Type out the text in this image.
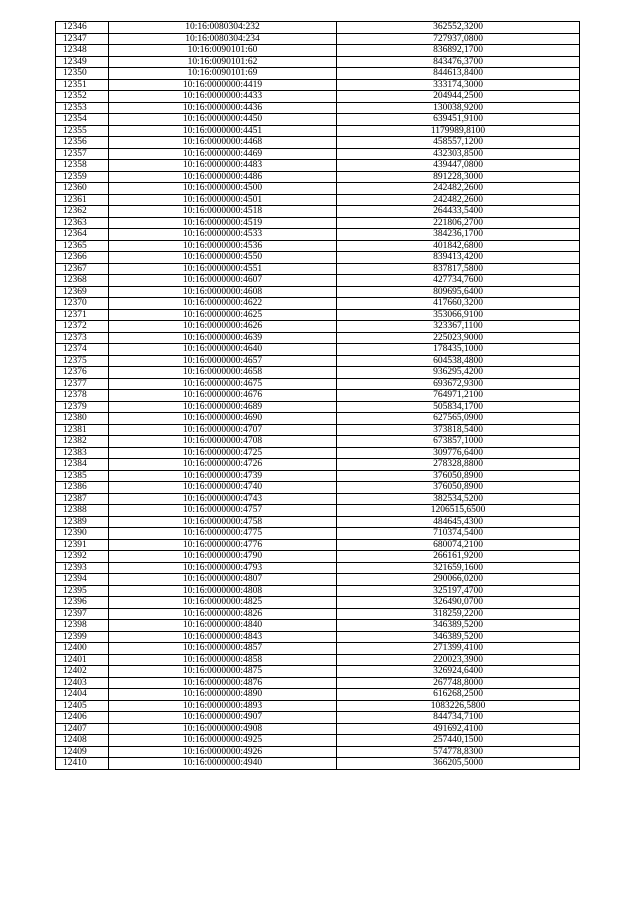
12346	10:16:0080304:232	362552,3200
12347	10:16:0080304:234	727937,0800
12348	10:16:0090101:60	836892,1700
12349	10:16:0090101:62	843476,3700
12350	10:16:0090101:69	844613,8400
12351	10:16:0000000:4419	333174,3000
12352	10:16:0000000:4433	204944,2500
12353	10:16:0000000:4436	130038,9200
12354	10:16:0000000:4450	639451,9100
12355	10:16:0000000:4451	1179989,8100
12356	10:16:0000000:4468	458557,1200
12357	10:16:0000000:4469	432303,8500
12358	10:16:0000000:4483	439447,0800
12359	10:16:0000000:4486	891228,3000
12360	10:16:0000000:4500	242482,2600
12361	10:16:0000000:4501	242482,2600
12362	10:16:0000000:4518	264433,5400
12363	10:16:0000000:4519	221806,2700
12364	10:16:0000000:4533	384236,1700
12365	10:16:0000000:4536	401842,6800
12366	10:16:0000000:4550	839413,4200
12367	10:16:0000000:4551	837817,5800
12368	10:16:0000000:4607	427734,7600
12369	10:16:0000000:4608	809695,6400
12370	10:16:0000000:4622	417660,3200
12371	10:16:0000000:4625	353066,9100
12372	10:16:0000000:4626	323367,1100
12373	10:16:0000000:4639	225023,9000
12374	10:16:0000000:4640	178435,1000
12375	10:16:0000000:4657	604538,4800
12376	10:16:0000000:4658	936295,4200
12377	10:16:0000000:4675	693672,9300
12378	10:16:0000000:4676	764971,2100
12379	10:16:0000000:4689	505834,1700
12380	10:16:0000000:4690	627565,0900
12381	10:16:0000000:4707	373818,5400
12382	10:16:0000000:4708	673857,1000
12383	10:16:0000000:4725	309776,6400
12384	10:16:0000000:4726	278328,8800
12385	10:16:0000000:4739	376050,8900
12386	10:16:0000000:4740	376050,8900
12387	10:16:0000000:4743	382534,5200
12388	10:16:0000000:4757	1206515,6500
12389	10:16:0000000:4758	484645,4300
12390	10:16:0000000:4775	710374,5400
12391	10:16:0000000:4776	680074,2100
12392	10:16:0000000:4790	266161,9200
12393	10:16:0000000:4793	321659,1600
12394	10:16:0000000:4807	290066,0200
12395	10:16:0000000:4808	325197,4700
12396	10:16:0000000:4825	326490,0700
12397	10:16:0000000:4826	318259,2200
12398	10:16:0000000:4840	346389,5200
12399	10:16:0000000:4843	346389,5200
12400	10:16:0000000:4857	271399,4100
12401	10:16:0000000:4858	220023,3900
12402	10:16:0000000:4875	326924,6400
12403	10:16:0000000:4876	267748,8000
12404	10:16:0000000:4890	616268,2500
12405	10:16:0000000:4893	1083226,5800
12406	10:16:0000000:4907	844734,7100
12407	10:16:0000000:4908	491692,4100
12408	10:16:0000000:4925	257440,1500
12409	10:16:0000000:4926	574778,8300
12410	10:16:0000000:4940	366205,5000
